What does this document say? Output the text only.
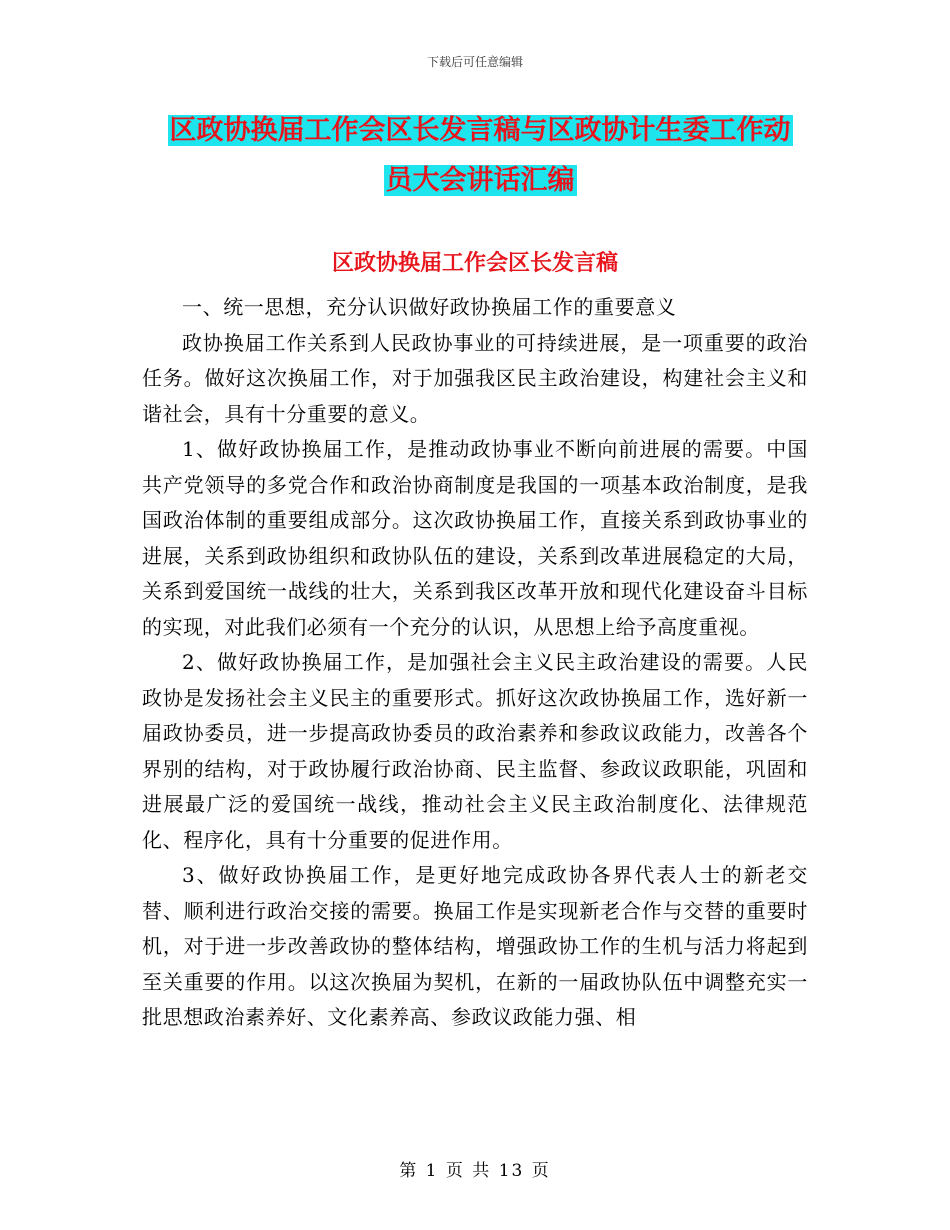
下载后可任意编辑
区政协换届工作会区长发言稿与区政协计生委工作动
员大会讲话汇编
区政协换届工作会区长发言稿

一、统一思想，充分认识做好政协换届工作的重要意义

政协换届工作关系到人民政协事业的可持续进展，是一项重要的政治任务。做好这次换届工作，对于加强我区民主政治建设，构建社会主义和谐社会，具有十分重要的意义。

1、做好政协换届工作，是推动政协事业不断向前进展的需要。中国共产党领导的多党合作和政治协商制度是我国的一项基本政治制度，是我国政治体制的重要组成部分。这次政协换届工作，直接关系到政协事业的进展，关系到政协组织和政协队伍的建设，关系到改革进展稳定的大局，关系到爱国统一战线的壮大，关系到我区改革开放和现代化建设奋斗目标的实现，对此我们必须有一个充分的认识，从思想上给予高度重视。

2、做好政协换届工作，是加强社会主义民主政治建设的需要。人民政协是发扬社会主义民主的重要形式。抓好这次政协换届工作，选好新一届政协委员，进一步提高政协委员的政治素养和参政议政能力，改善各个界别的结构，对于政协履行政治协商、民主监督、参政议政职能，巩固和进展最广泛的爱国统一战线，推动社会主义民主政治制度化、法律规范化、程序化，具有十分重要的促进作用。

3、做好政协换届工作，是更好地完成政协各界代表人士的新老交替、顺利进行政治交接的需要。换届工作是实现新老合作与交替的重要时机，对于进一步改善政协的整体结构，增强政协工作的生机与活力将起到至关重要的作用。以这次换届为契机，在新的一届政协队伍中调整充实一批思想政治素养好、文化素养高、参政议政能力强、相

第 1 页 共 13 页
